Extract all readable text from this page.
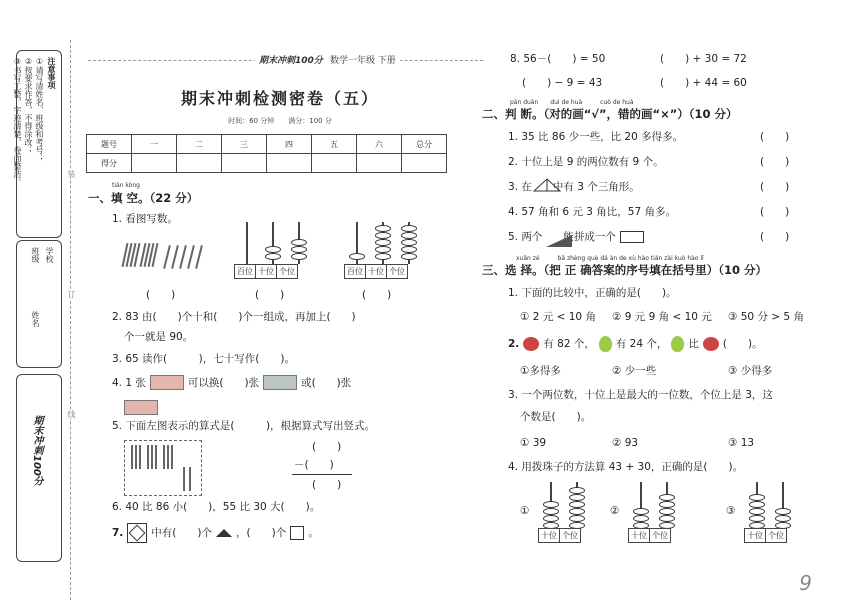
注意事项
①请写清姓名、班级和考号；
②按要求作答，不得涂改；
③书写工整，字迹清楚，卷面整洁。
学校
班级
姓名
期末冲刺100分
装
订
线
期末冲刺100分 数学一年级 下册
期末冲刺检测密卷（五）
时间：60 分钟　　满分：100 分
题号	一	二	三	四	五	六	总分
得分							
tián kòng
一、填 空。（22 分）
1. 看图写数。
百位 十位 个位	百位 十位 个位
(　　)	(　　)	(　　)
2. 83 由(　　)个十和(　　)个一组成，再加上(　　)
个一就是 90。
3. 65 读作(　　　)，七十写作(　　)。
4. 1 张	可以换(　　)张	或(　　)张
5. 下面左图表示的算式是(　　　)，根据算式写出竖式。
(　　)
－(　　)
(　　)
6. 40 比 86 小(　　)，55 比 30 大(　　)。
7.	中有(　　)个 ，(　　)个 。
8. 56－(　　) = 50	(　　) + 30 = 72
(　　) − 9 = 43	(　　) + 44 = 60
pàn duàn　　duì de huà　　　cuò de huà
二、判 断。（对的画“√”，错的画“×”）（10 分）
1. 35 比 86 少一些，比 20 多得多。	(　　)
2. 十位上是 9 的两位数有 9 个。	(　　)
3. 在　　中有 3 个三角形。	(　　)
4. 57 角和 6 元 3 角比，57 角多。	(　　)
5. 两个　　能拼成一个	(　　)
xuǎn zé　　　bǎ zhèng què dá àn de xù hào tián zài kuò hào lǐ
三、选 择。（把 正 确答案的序号填在括号里）（10 分）
1. 下面的比较中，正确的是(　　)。
① 2 元 < 10 角 ② 9 元 9 角 < 10 元 ③ 50 分 > 5 角
2. 有 82 个， 有 24 个， 比 (　　)。
①多得多	② 少一些	③ 少得多
3. 一个两位数，十位上是最大的一位数，个位上是 3，这
个数是(　　)。
① 39	② 93	③ 13
4. 用拨珠子的方法算 43 + 30，正确的是(　　)。
①
十位 个位
②
十位 个位
③
十位 个位
9
